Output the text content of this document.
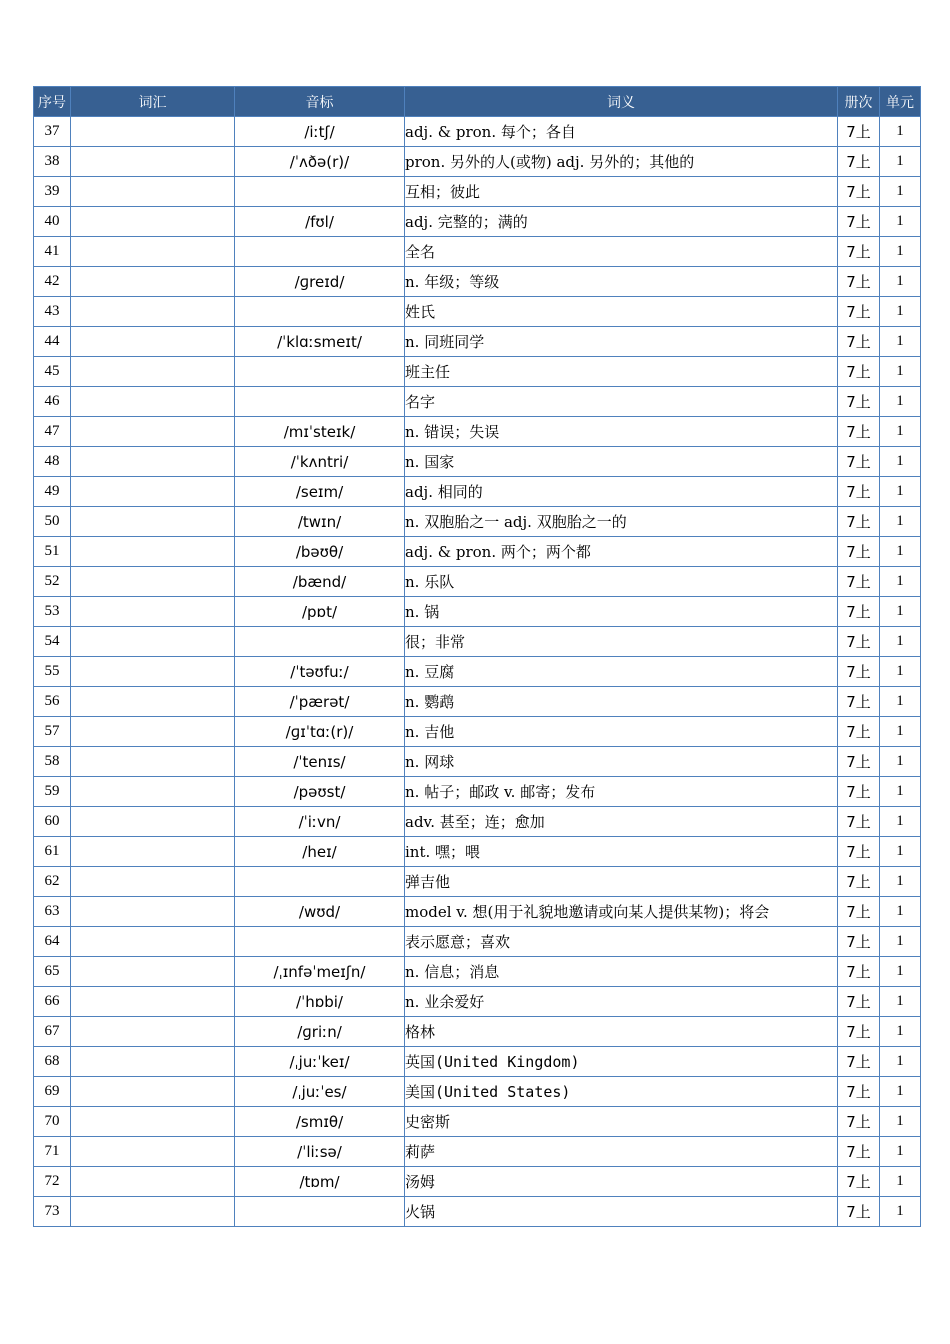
序号	词汇	音标	词义	册次	单元
37		/iːtʃ/	adj. & pron. 每个；各自	7上	1
38		/ˈʌðə(r)/	pron. 另外的人(或物) adj. 另外的；其他的	7上	1
39			互相；彼此	7上	1
40		/fʊl/	adj. 完整的；满的	7上	1
41			全名	7上	1
42		/ɡreɪd/	n. 年级；等级	7上	1
43			姓氏	7上	1
44		/ˈklɑːsmeɪt/	n. 同班同学	7上	1
45			班主任	7上	1
46			名字	7上	1
47		/mɪˈsteɪk/	n. 错误；失误	7上	1
48		/ˈkʌntri/	n. 国家	7上	1
49		/seɪm/	adj. 相同的	7上	1
50		/twɪn/	n. 双胞胎之一 adj. 双胞胎之一的	7上	1
51		/bəʊθ/	adj. & pron. 两个；两个都	7上	1
52		/bænd/	n. 乐队	7上	1
53		/pɒt/	n. 锅	7上	1
54			很；非常	7上	1
55		/ˈtəʊfuː/	n. 豆腐	7上	1
56		/ˈpærət/	n. 鹦鹉	7上	1
57		/ɡɪˈtɑː(r)/	n. 吉他	7上	1
58		/ˈtenɪs/	n. 网球	7上	1
59		/pəʊst/	n. 帖子；邮政 v. 邮寄；发布	7上	1
60		/ˈiːvn/	adv. 甚至；连；愈加	7上	1
61		/heɪ/	int. 嘿；喂	7上	1
62			弹吉他	7上	1
63		/wʊd/	model v. 想(用于礼貌地邀请或向某人提供某物)；将会	7上	1
64			表示愿意；喜欢	7上	1
65		/ˌɪnfəˈmeɪʃn/	n. 信息；消息	7上	1
66		/ˈhɒbi/	n. 业余爱好	7上	1
67		/ɡriːn/	格林	7上	1
68		/ˌjuːˈkeɪ/	英国(United Kingdom)	7上	1
69		/ˌjuːˈes/	美国(United States)	7上	1
70		/smɪθ/	史密斯	7上	1
71		/ˈliːsə/	莉萨	7上	1
72		/tɒm/	汤姆	7上	1
73			火锅	7上	1
